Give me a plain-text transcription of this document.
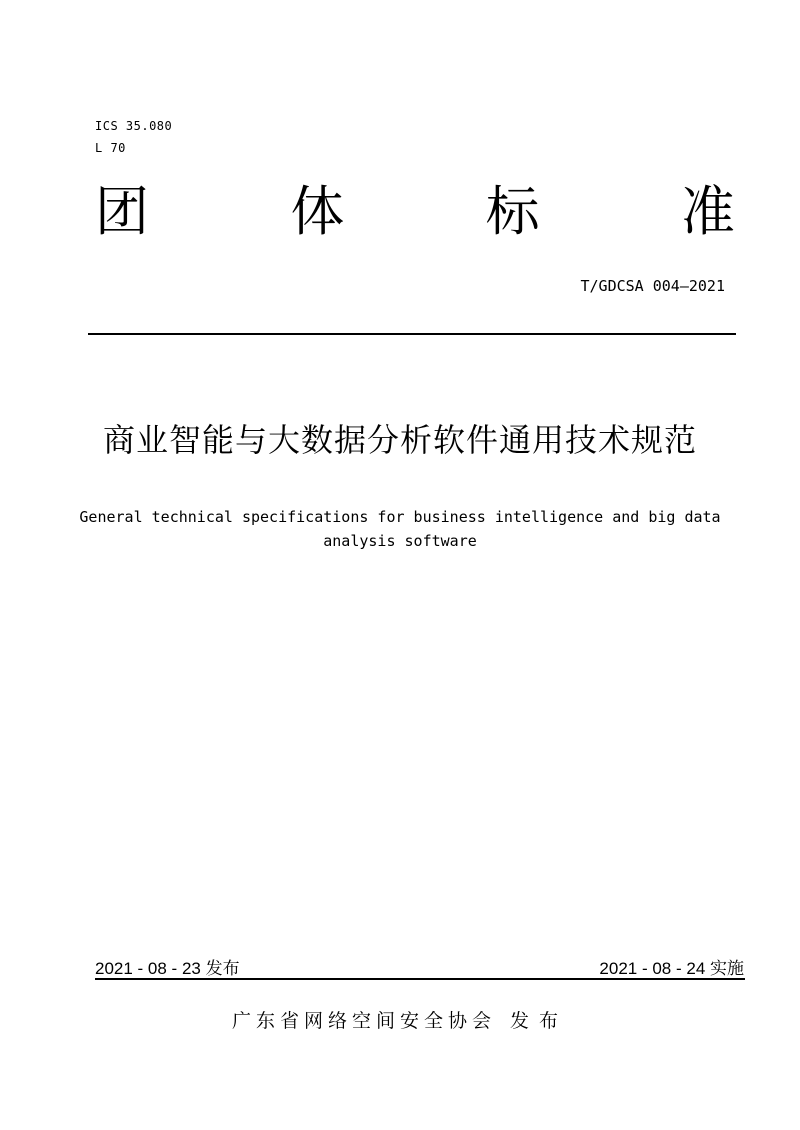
ICS 35.080
L 70
团	体	标	准
T/GDCSA 004—2021
商业智能与大数据分析软件通用技术规范
General technical specifications for business intelligence and big data analysis software
2021 - 08 - 23 发布	2021 - 08 - 24 实施
广东省网络空间安全协会 发布
